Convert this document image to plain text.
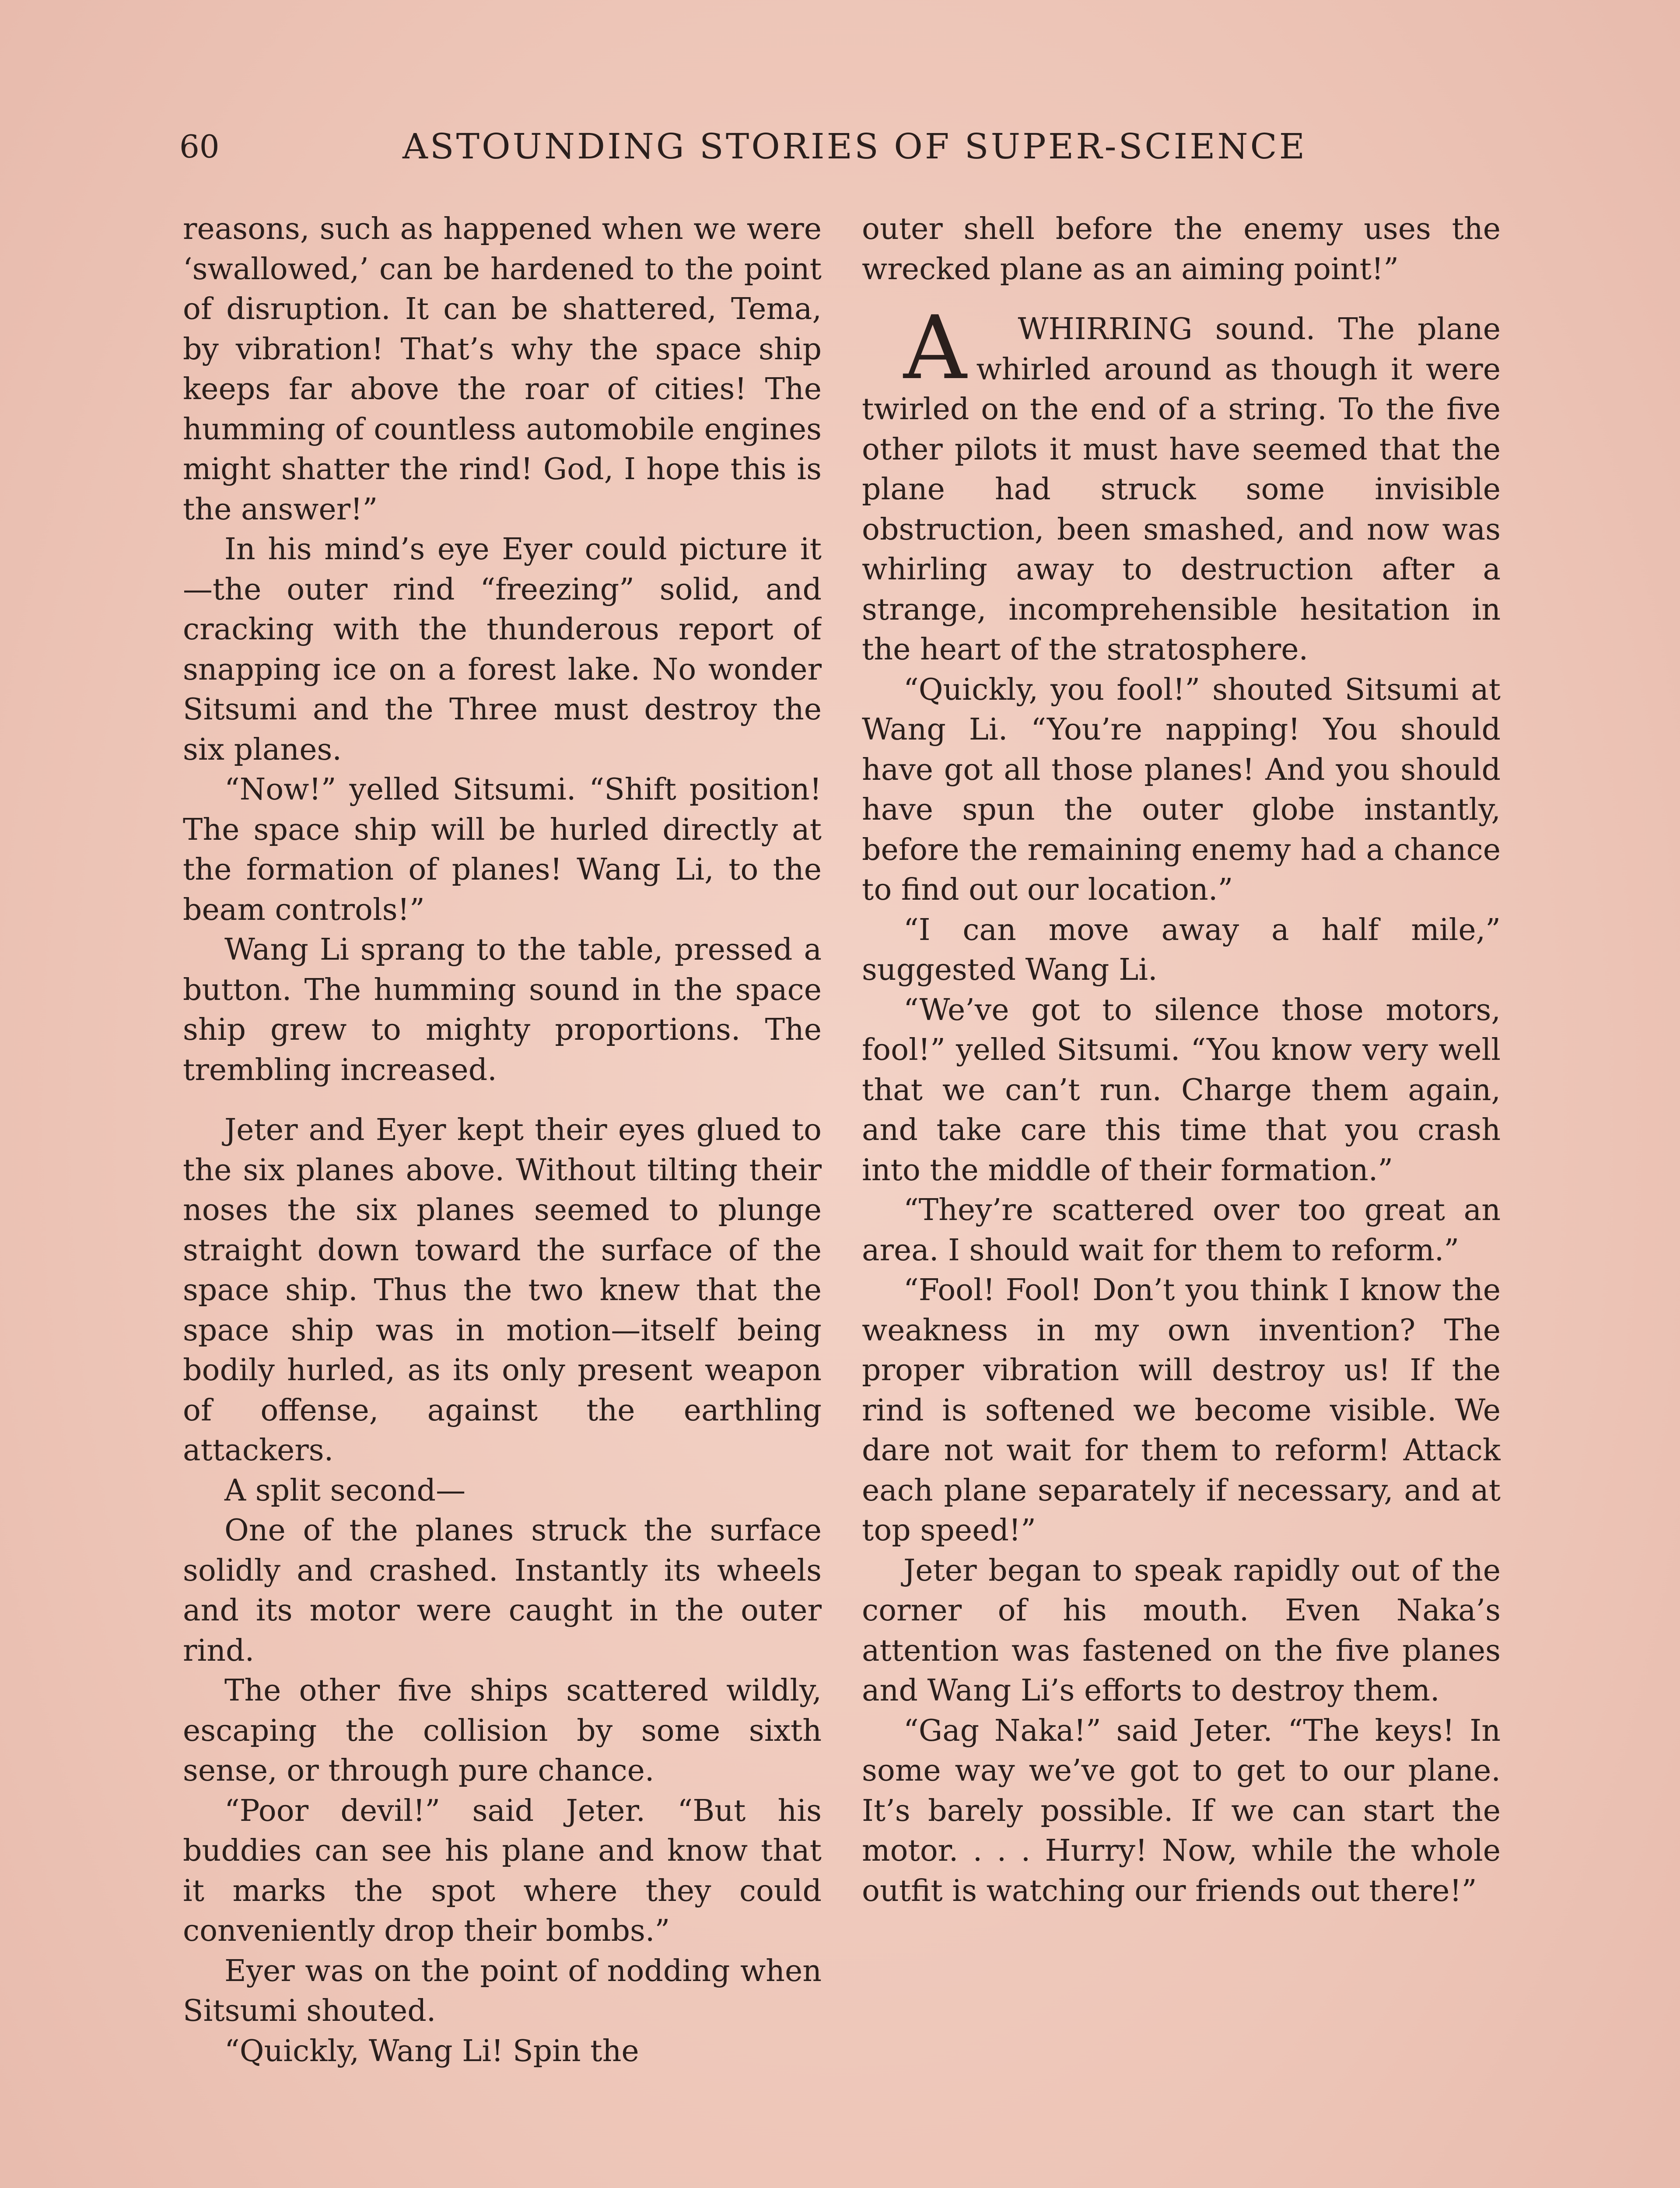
60	ASTOUNDING STORIES OF SUPER-SCIENCE

reasons, such as happened when we were ‘swallowed,’ can be hardened to the point of disruption. It can be shattered, Tema, by vibration! That’s why the space ship keeps far above the roar of cities! The humming of countless automobile engines might shatter the rind! God, I hope this is the answer!”

In his mind’s eye Eyer could picture it—the outer rind “freezing” solid, and cracking with the thunderous report of snapping ice on a forest lake. No wonder Sitsumi and the Three must destroy the six planes.

“Now!” yelled Sitsumi. “Shift position! The space ship will be hurled directly at the formation of planes! Wang Li, to the beam controls!”

Wang Li sprang to the table, pressed a button. The humming sound in the space ship grew to mighty proportions. The trembling increased.

Jeter and Eyer kept their eyes glued to the six planes above. Without tilting their noses the six planes seemed to plunge straight down toward the surface of the space ship. Thus the two knew that the space ship was in motion—itself being bodily hurled, as its only present weapon of offense, against the earthling attackers.

A split second—

One of the planes struck the surface solidly and crashed. Instantly its wheels and its motor were caught in the outer rind.

The other five ships scattered wildly, escaping the collision by some sixth sense, or through pure chance.

“Poor devil!” said Jeter. “But his buddies can see his plane and know that it marks the spot where they could conveniently drop their bombs.”

Eyer was on the point of nodding when Sitsumi shouted.

“Quickly, Wang Li! Spin the

outer shell before the enemy uses the wrecked plane as an aiming point!”

A WHIRRING sound. The plane whirled around as though it were twirled on the end of a string. To the five other pilots it must have seemed that the plane had struck some invisible obstruction, been smashed, and now was whirling away to destruction after a strange, incomprehensible hesitation in the heart of the stratosphere.

“Quickly, you fool!” shouted Sitsumi at Wang Li. “You’re napping! You should have got all those planes! And you should have spun the outer globe instantly, before the remaining enemy had a chance to find out our location.”

“I can move away a half mile,” suggested Wang Li.

“We’ve got to silence those motors, fool!” yelled Sitsumi. “You know very well that we can’t run. Charge them again, and take care this time that you crash into the middle of their formation.”

“They’re scattered over too great an area. I should wait for them to reform.”

“Fool! Fool! Don’t you think I know the weakness in my own invention? The proper vibration will destroy us! If the rind is softened we become visible. We dare not wait for them to reform! Attack each plane separately if necessary, and at top speed!”

Jeter began to speak rapidly out of the corner of his mouth. Even Naka’s attention was fastened on the five planes and Wang Li’s efforts to destroy them.

“Gag Naka!” said Jeter. “The keys! In some way we’ve got to get to our plane. It’s barely possible. If we can start the motor. . . . Hurry! Now, while the whole outfit is watching our friends out there!”
